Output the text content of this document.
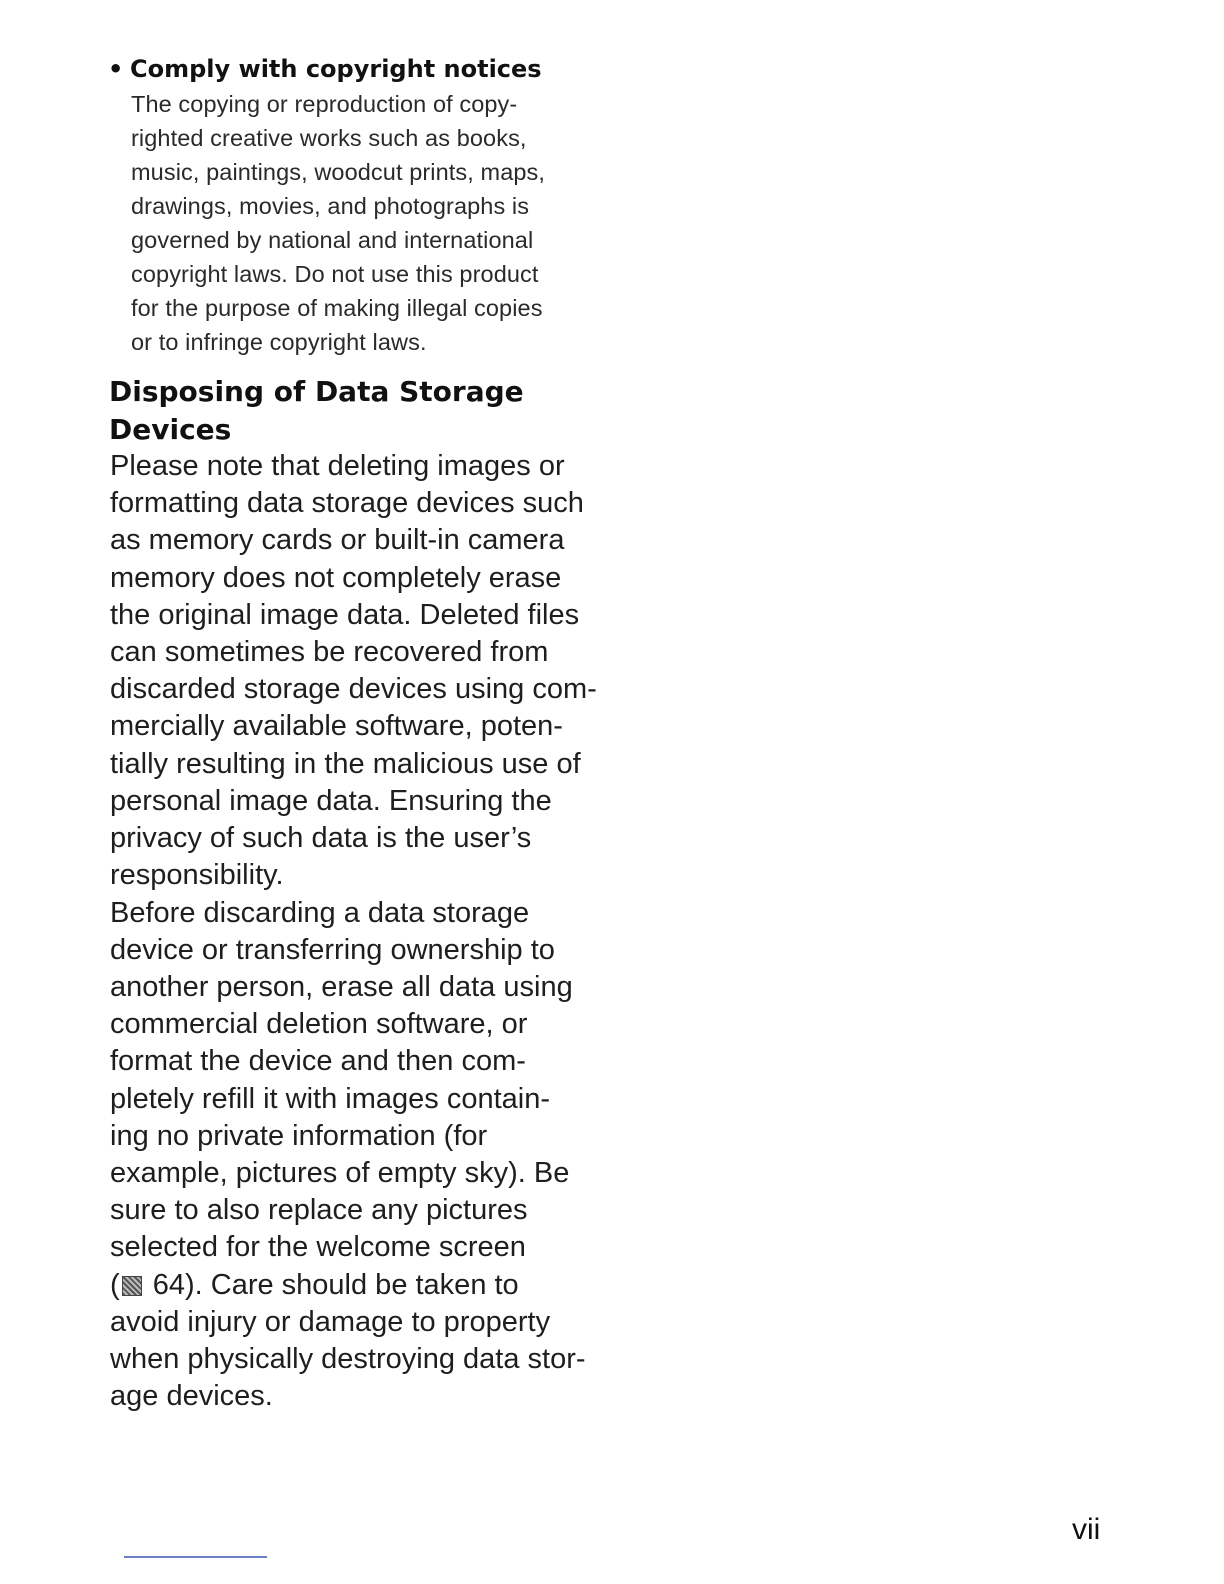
• Comply with copyright notices
The copying or reproduction of copy-
righted creative works such as books,
music, paintings, woodcut prints, maps,
drawings, movies, and photographs is
governed by national and international
copyright laws. Do not use this product
for the purpose of making illegal copies
or to infringe copyright laws.
Disposing of Data Storage
Devices
Please note that deleting images or
formatting data storage devices such
as memory cards or built-in camera
memory does not completely erase
the original image data. Deleted files
can sometimes be recovered from
discarded storage devices using com-
mercially available software, poten-
tially resulting in the malicious use of
personal image data. Ensuring the
privacy of such data is the user’s
responsibility.
Before discarding a data storage
device or transferring ownership to
another person, erase all data using
commercial deletion software, or
format the device and then com-
pletely refill it with images contain-
ing no private information (for
example, pictures of empty sky). Be
sure to also replace any pictures
selected for the welcome screen
( 64). Care should be taken to
avoid injury or damage to property
when physically destroying data stor-
age devices.
vii
